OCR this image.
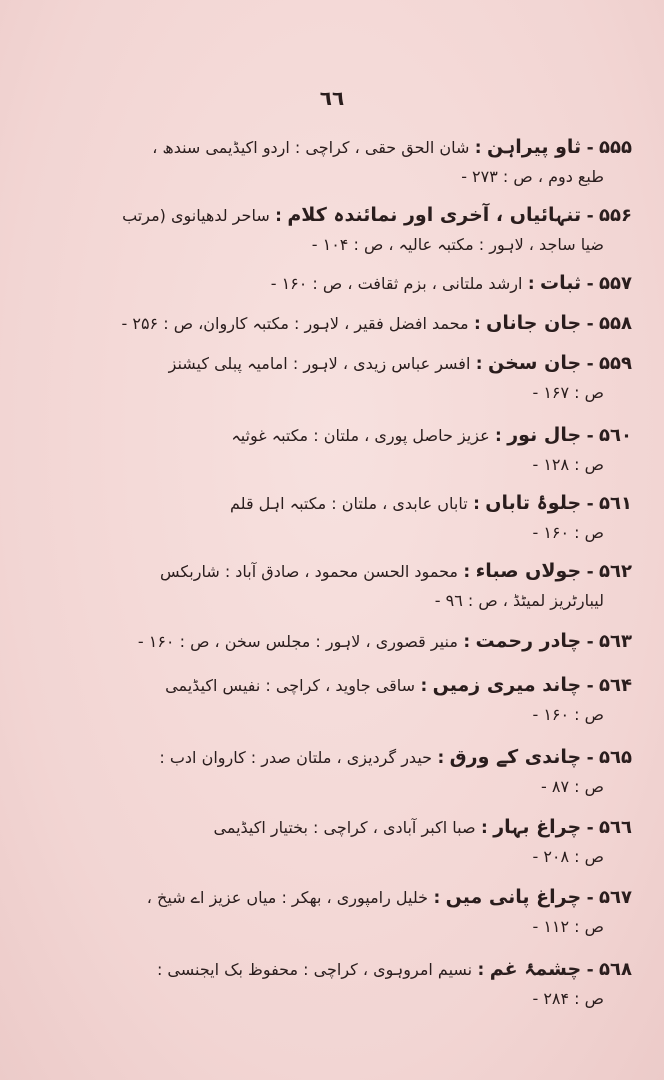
٦٦
۵۵۵ - ثاو پیراہن : شان الحق حقی ، کراچی : اردو اکیڈیمی سندھ ،
طبع دوم ، ص : ۲۷۳ -
۵۵۶ - تنہائیاں ، آخری اور نمائندہ کلام : ساحر لدھیانوی (مرتب
ضیا ساجد ، لاہور : مکتبہ عالیہ ، ص : ۱۰۴ -
۵۵۷ - ثبات : ارشد ملتانی ، بزم ثقافت ، ص : ۱۶۰ -
۵۵۸ - جان جاناں : محمد افضل فقیر ، لاہور : مکتبہ کاروان، ص : ۲۵۶ -
۵۵۹ - جان سخن : افسر عباس زیدی ، لاہور : امامیہ پبلی کیشنز
ص : ۱۶۷ -
۵٦۰ - جال نور : عزیز حاصل پوری ، ملتان : مکتبہ غوثیہ
ص : ۱۲۸ -
۵٦۱ - جلوۂ تاباں : تاباں عابدی ، ملتان : مکتبہ اہل قلم
ص : ۱۶۰ -
۵٦۲ - جولاں صباء : محمود الحسن محمود ، صادق آباد : شاربکس
لیبارٹریز لمیٹڈ ، ص : ۹٦ -
۵٦۳ - چادر رحمت : منیر قصوری ، لاہور : مجلس سخن ، ص : ۱۶۰ -
۵٦۴ - چاند میری زمیں : ساقی جاوید ، کراچی : نفیس اکیڈیمی
ص : ۱۶۰ -
۵٦۵ - چاندی کے ورق : حیدر گردیزی ، ملتان صدر : کاروان ادب :
ص : ۸۷ -
۵٦٦ - چراغ بہار : صبا اکبر آبادی ، کراچی : بختیار اکیڈیمی
ص : ۲۰۸ -
۵٦۷ - چراغ پانی میں : خلیل رامپوری ، بھکر : میاں عزیز اے شیخ ،
ص : ۱۱۲ -
۵٦۸ - چشمۂ غم : نسیم امروہوی ، کراچی : محفوظ بک ایجنسی :
ص : ۲۸۴ -
